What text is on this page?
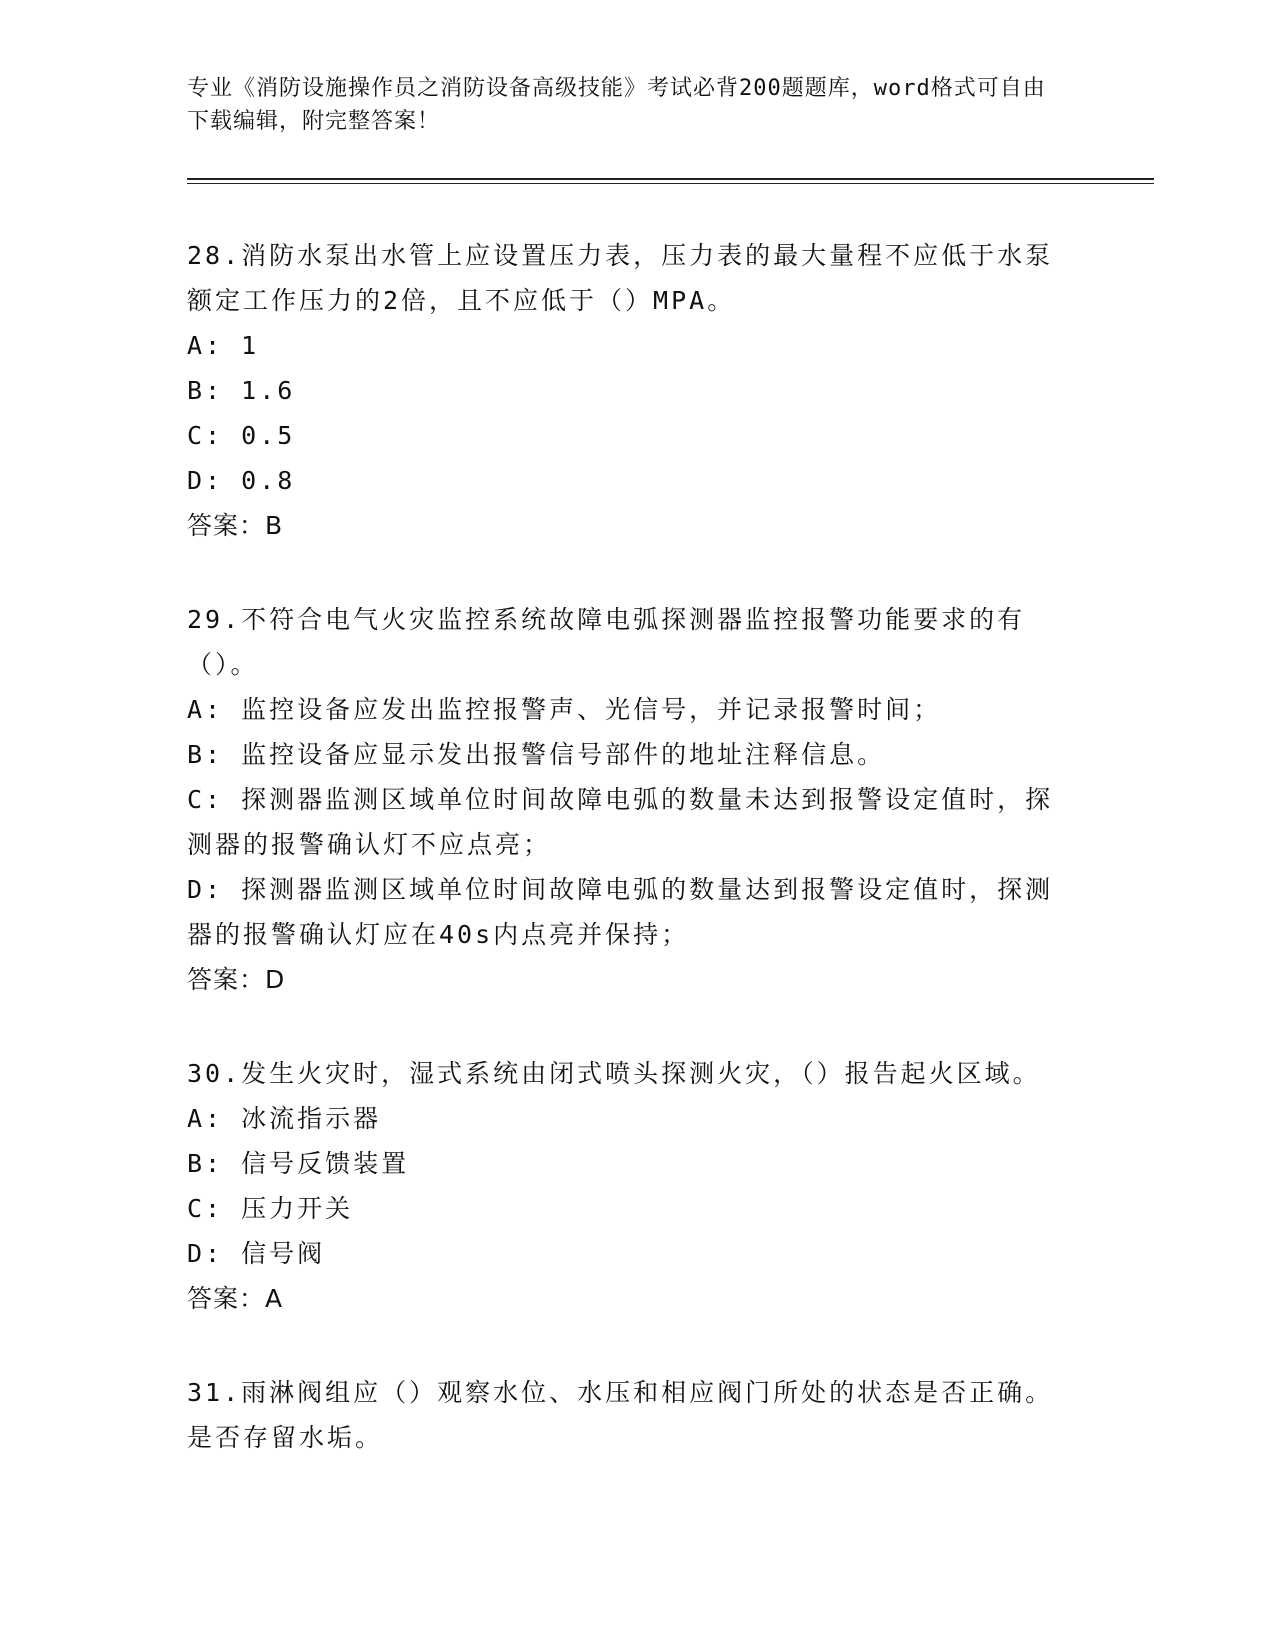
专业《消防设施操作员之消防设备高级技能》考试必背200题题库，word格式可自由下载编辑，附完整答案！

28.消防水泵出水管上应设置压力表，压力表的最大量程不应低于水泵额定工作压力的2倍，且不应低于（）MPA。

A: 1

B: 1.6

C: 0.5

D: 0.8

答案：B

29.不符合电气火灾监控系统故障电弧探测器监控报警功能要求的有（）。

A: 监控设备应发出监控报警声、光信号，并记录报警时间；

B: 监控设备应显示发出报警信号部件的地址注释信息。

C: 探测器监测区域单位时间故障电弧的数量未达到报警设定值时，探测器的报警确认灯不应点亮；

D: 探测器监测区域单位时间故障电弧的数量达到报警设定值时，探测器的报警确认灯应在40s内点亮并保持；

答案：D

30.发生火灾时，湿式系统由闭式喷头探测火灾，（）报告起火区域。

A: 冰流指示器

B: 信号反馈装置

C: 压力开关

D: 信号阀

答案：A

31.雨淋阀组应（）观察水位、水压和相应阀门所处的状态是否正确。是否存留水垢。
